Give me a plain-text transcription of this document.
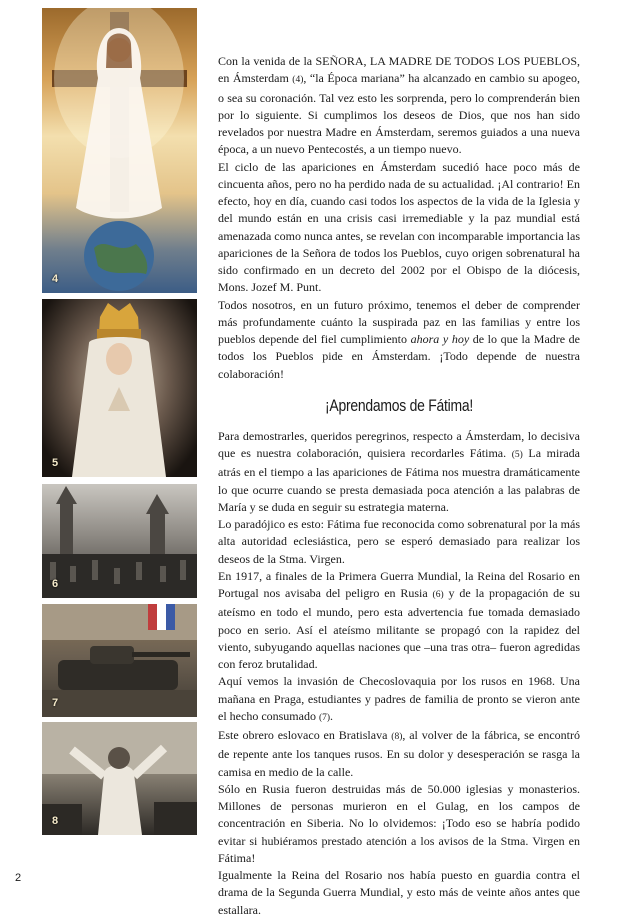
4
5
6
7
8

Con la venida de la SEÑORA, LA MADRE DE TODOS LOS PUEBLOS, en Ámsterdam (4), “la Época mariana” ha alcanzado en cambio su apogeo, o sea su coronación. Tal vez esto les sorprenda, pero lo comprenderán bien por lo siguiente. Si cumplimos los deseos de Dios, que nos han sido revelados por nuestra Madre en Ámsterdam, seremos guiados a una nueva época, a un nuevo Pentecostés, a un tiempo nuevo.

El ciclo de las apariciones en Ámsterdam sucedió hace poco más de cincuenta años, pero no ha perdido nada de su actualidad. ¡Al contrario! En efecto, hoy en día, cuando casi todos los aspectos de la vida de la Iglesia y del mundo están en una crisis casi irremediable y la paz mundial está amenazada como nunca antes, se revelan con incomparable importancia las apariciones de la Señora de todos los Pueblos, cuyo origen sobrenatural ha sido confirmado en un decreto del 2002 por el Obispo de la diócesis, Mons. Jozef M. Punt.

Todos nosotros, en un futuro próximo, tenemos el deber de comprender más profundamente cuánto la suspirada paz en las familias y entre los pueblos depende del fiel cumplimiento ahora y hoy de lo que la Madre de todos los Pueblos pide en Ámsterdam. ¡Todo depende de nuestra colaboración!

¡Aprendamos de Fátima!

Para demostrarles, queridos peregrinos, respecto a Ámsterdam, lo decisiva que es nuestra colaboración, quisiera recordarles Fátima. (5) La mirada atrás en el tiempo a las apariciones de Fátima nos muestra dramáticamente lo que ocurre cuando se presta demasiada poca atención a las palabras de María y se duda en seguir su estrategia materna.

Lo paradójico es esto: Fátima fue reconocida como sobrenatural por la más alta autoridad eclesiástica, pero se esperó demasiado para realizar los deseos de la Stma. Virgen.

En 1917, a finales de la Primera Guerra Mundial, la Reina del Rosario en Portugal nos avisaba del peligro en Rusia (6) y de la propagación de su ateísmo en todo el mundo, pero esta advertencia fue tomada demasiado poco en serio. Así el ateísmo militante se propagó con la rapidez del viento, subyugando aquellas naciones que –una tras otra– fueron agredidas con feroz brutalidad.

Aquí vemos la invasión de Checoslovaquia por los rusos en 1968. Una mañana en Praga, estudiantes y padres de familia de pronto se vieron ante el hecho consumado (7).

Este obrero eslovaco en Bratislava (8), al volver de la fábrica, se encontró de repente ante los tanques rusos. En su dolor y desesperación se rasga la camisa en medio de la calle.

Sólo en Rusia fueron destruidas más de 50.000 iglesias y monasterios. Millones de personas murieron en el Gulag, en los campos de concentración en Siberia. No lo olvidemos: ¡Todo eso se habría podido evitar si hubiéramos prestado atención a los avisos de la Stma. Virgen en Fátima!

Igualmente la Reina del Rosario nos había puesto en guardia contra el drama de la Segunda Guerra Mundial, y esto más de veinte años antes que estallara.

2
